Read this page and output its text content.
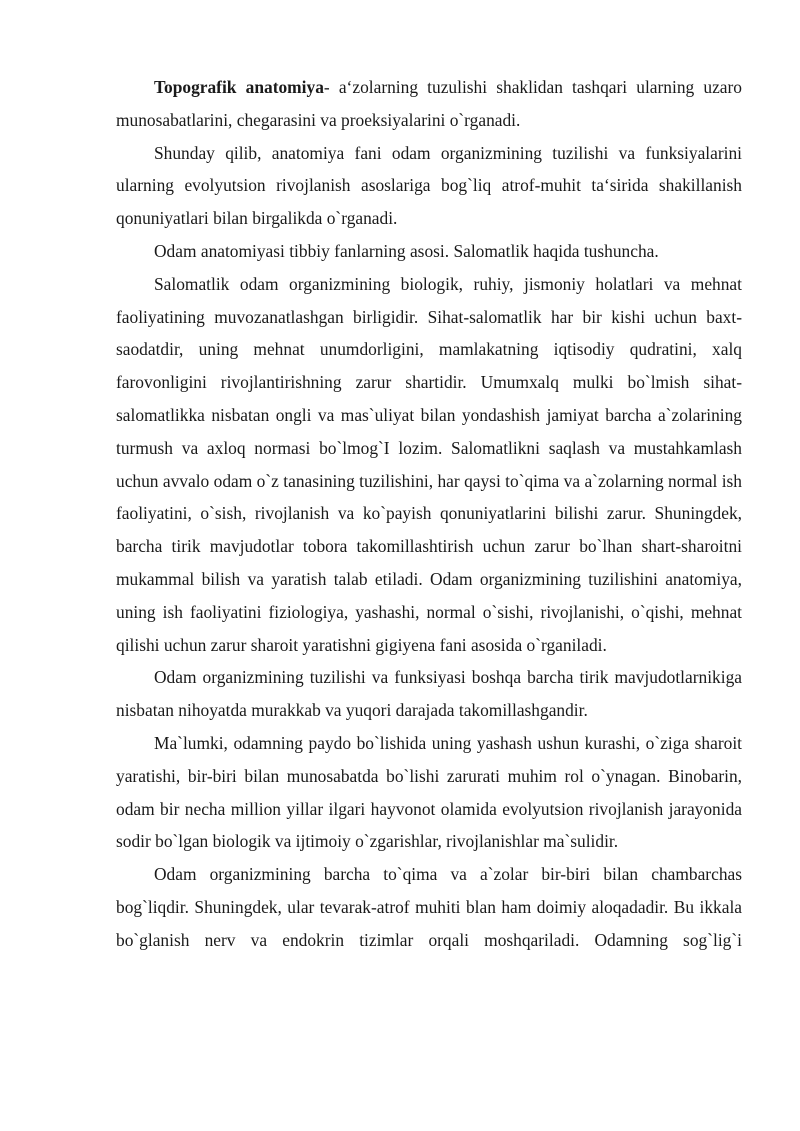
Topografik anatomiya- a‘zolarning tuzulishi shaklidan tashqari ularning uzaro munosabatlarini, chegarasini va proeksiyalarini o`rganadi.

Shunday qilib, anatomiya fani odam organizmining tuzilishi va funksiyalarini ularning evolyutsion rivojlanish asoslariga bog`liq atrof-muhit ta‘sirida shakillanish qonuniyatlari bilan birgalikda o`rganadi.

Odam anatomiyasi tibbiy fanlarning asosi. Salomatlik haqida tushuncha.

Salomatlik odam organizmining biologik, ruhiy, jismoniy holatlari va mehnat faoliyatining muvozanatlashgan birligidir. Sihat-salomatlik har bir kishi uchun baxt-saodatdir, uning mehnat unumdorligini, mamlakatning iqtisodiy qudratini, xalq farovonligini rivojlantirishning zarur shartidir. Umumxalq mulki bo`lmish sihat-salomatlikka nisbatan ongli va mas`uliyat bilan yondashish jamiyat barcha a`zolarining turmush va axloq normasi bo`lmog`I lozim. Salomatlikni saqlash va mustahkamlash uchun avvalo odam o`z tanasining tuzilishini, har qaysi to`qima va a`zolarning normal ish faoliyatini, o`sish, rivojlanish va ko`payish qonuniyatlarini bilishi zarur. Shuningdek, barcha tirik mavjudotlar tobora takomillashtirish uchun zarur bo`lhan shart-sharoitni mukammal bilish va yaratish talab etiladi. Odam organizmining tuzilishini anatomiya, uning ish faoliyatini fiziologiya, yashashi, normal o`sishi, rivojlanishi, o`qishi, mehnat qilishi uchun zarur sharoit yaratishni gigiyena fani asosida o`rganiladi.

Odam organizmining tuzilishi va funksiyasi boshqa barcha tirik mavjudotlarnikiga nisbatan nihoyatda murakkab va yuqori darajada takomillashgandir.

Ma`lumki, odamning paydo bo`lishida uning yashash ushun kurashi, o`ziga sharoit yaratishi, bir-biri bilan munosabatda bo`lishi zarurati muhim rol o`ynagan. Binobarin, odam bir necha million yillar ilgari hayvonot olamida evolyutsion rivojlanish jarayonida sodir bo`lgan biologik va ijtimoiy o`zgarishlar, rivojlanishlar ma`sulidir.

Odam organizmining barcha to`qima va a`zolar bir-biri bilan chambarchas bog`liqdir. Shuningdek, ular tevarak-atrof muhiti blan ham doimiy aloqadadir. Bu ikkala bo`glanish nerv va endokrin tizimlar orqali moshqariladi. Odamning sog`lig`i
